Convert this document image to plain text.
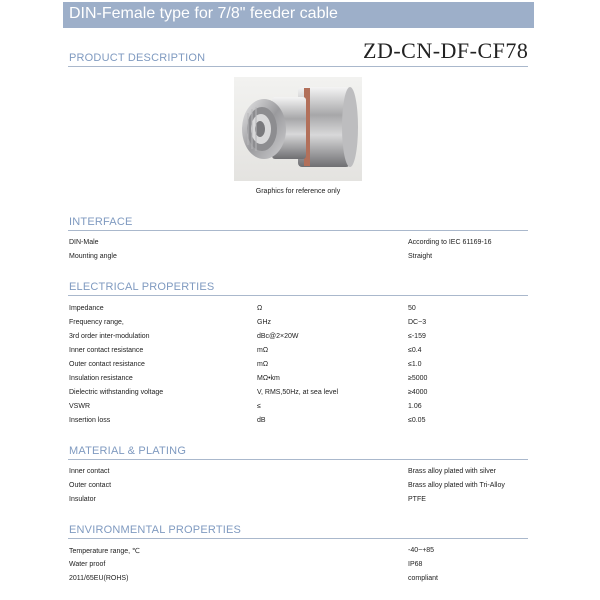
DIN-Female type for 7/8" feeder cable
PRODUCT DESCRIPTION	ZD-CN-DF-CF78
Graphics for reference only
INTERFACE
DIN-Male	According to IEC 61169-16
Mounting angle	Straight
ELECTRICAL PROPERTIES
Impedance	Ω	50
Frequency range,	GHz	DC~3
3rd order inter-modulation	dBc@2×20W	≤-159
Inner contact resistance	mΩ	≤0.4
Outer contact resistance	mΩ	≤1.0
Insulation resistance	MΩ•km	≥5000
Dielectric withstanding voltage	V, RMS,50Hz, at sea level	≥4000
VSWR	≤	1.06
Insertion loss	dB	≤0.05
MATERIAL & PLATING
Inner contact	Brass alloy plated with silver
Outer contact	Brass alloy plated with Tri-Alloy
Insulator	PTFE
ENVIRONMENTAL PROPERTIES
Temperature range, ℃	-40~+85
Water proof	IP68
2011/65EU(ROHS)	compliant
